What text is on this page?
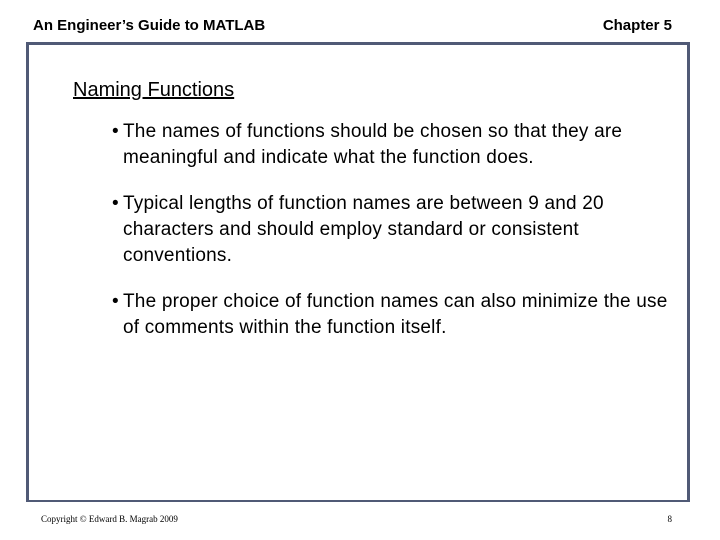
An Engineer’s Guide to MATLAB	Chapter 5
Naming Functions
• The names of functions should be chosen so that they are meaningful and indicate what the function does.
• Typical lengths of function names are between 9 and 20 characters and should employ standard or consistent conventions.
• The proper choice of function names can also minimize the use of comments within the function itself.
Copyright © Edward B. Magrab 2009	8
